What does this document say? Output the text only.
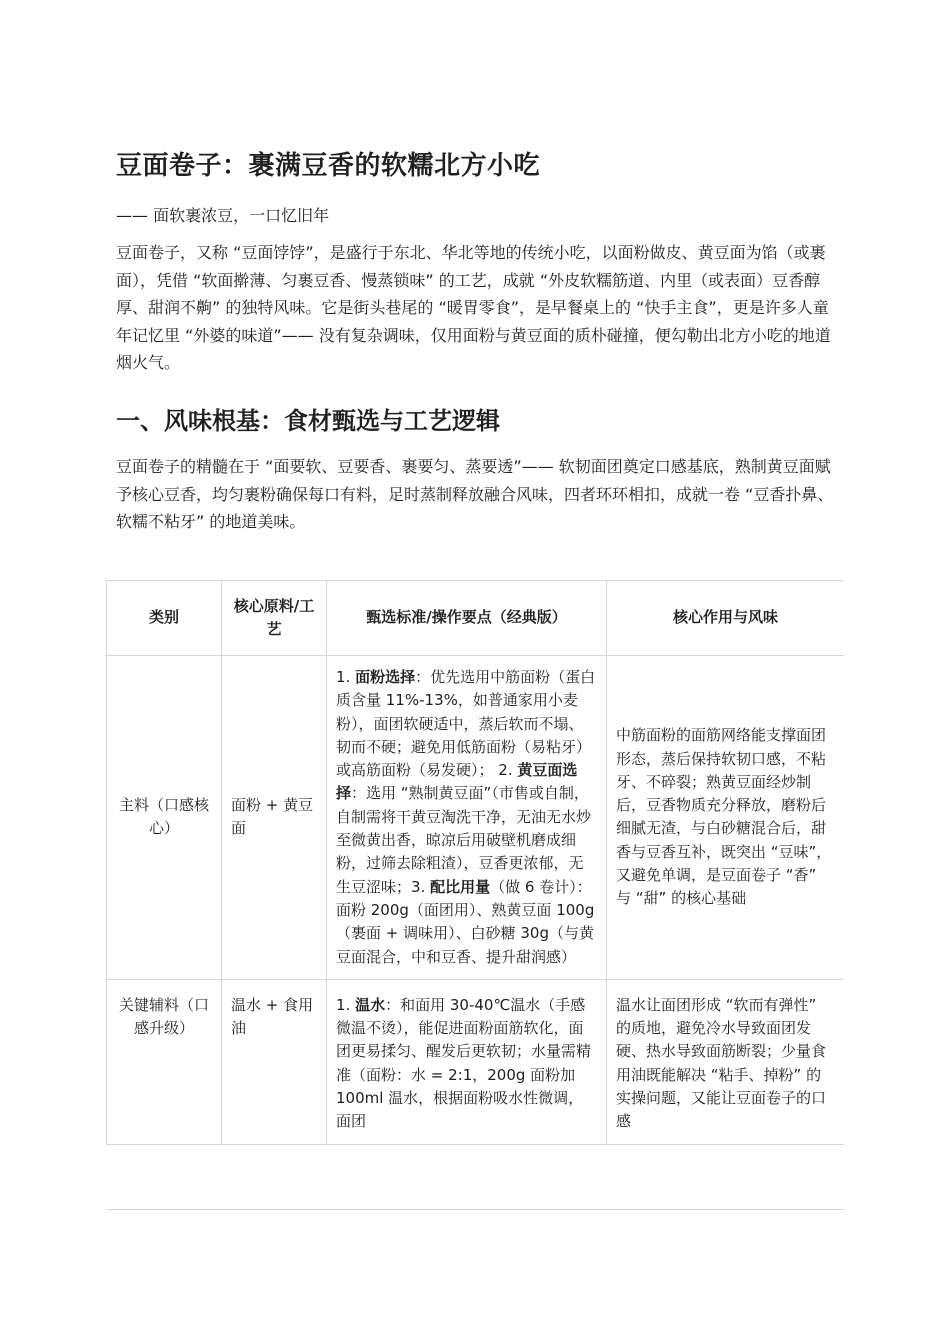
豆面卷子：裹满豆香的软糯北方小吃

—— 面软裹浓豆，一口忆旧年

豆面卷子，又称 “豆面饽饽”，是盛行于东北、华北等地的传统小吃，以面粉做皮、黄豆面为馅（或裹面），凭借 “软面擀薄、匀裹豆香、慢蒸锁味” 的工艺，成就 “外皮软糯筋道、内里（或表面）豆香醇厚、甜润不齁” 的独特风味。它是街头巷尾的 “暖胃零食”，是早餐桌上的 “快手主食”，更是许多人童年记忆里 “外婆的味道”—— 没有复杂调味，仅用面粉与黄豆面的质朴碰撞，便勾勒出北方小吃的地道烟火气。

一、风味根基：食材甄选与工艺逻辑

豆面卷子的精髓在于 “面要软、豆要香、裹要匀、蒸要透”—— 软韧面团奠定口感基底，熟制黄豆面赋予核心豆香，均匀裹粉确保每口有料，足时蒸制释放融合风味，四者环环相扣，成就一卷 “豆香扑鼻、软糯不粘牙” 的地道美味。

类别	核心原料/工艺	甄选标准/操作要点（经典版）	核心作用与风味
主料（口感核心）	面粉 + 黄豆面	1. 面粉选择：优先选用中筋面粉（蛋白质含量 11%-13%，如普通家用小麦粉），面团软硬适中，蒸后软而不塌、韧而不硬；避免用低筋面粉（易粘牙）或高筋面粉（易发硬）； 2. 黄豆面选择：选用 “熟制黄豆面”（市售或自制，自制需将干黄豆淘洗干净，无油无水炒至微黄出香，晾凉后用破壁机磨成细粉，过筛去除粗渣），豆香更浓郁，无生豆涩味；3. 配比用量（做 6 卷计）：面粉 200g（面团用）、熟黄豆面 100g（裹面 + 调味用）、白砂糖 30g（与黄豆面混合，中和豆香、提升甜润感）	中筋面粉的面筋网络能支撑面团形态，蒸后保持软韧口感，不粘牙、不碎裂；熟黄豆面经炒制后，豆香物质充分释放，磨粉后细腻无渣，与白砂糖混合后，甜香与豆香互补，既突出 “豆味”，又避免单调，是豆面卷子 “香” 与 “甜” 的核心基础
关键辅料（口感升级）	温水 + 食用油	1. 温水：和面用 30-40℃温水（手感微温不烫），能促进面粉面筋软化，面团更易揉匀、醒发后更软韧；水量需精准（面粉：水 = 2:1，200g 面粉加 100ml 温水，根据面粉吸水性微调，面团	温水让面团形成 “软而有弹性” 的质地，避免冷水导致面团发硬、热水导致面筋断裂；少量食用油既能解决 “粘手、掉粉” 的实操问题，又能让豆面卷子的口感
